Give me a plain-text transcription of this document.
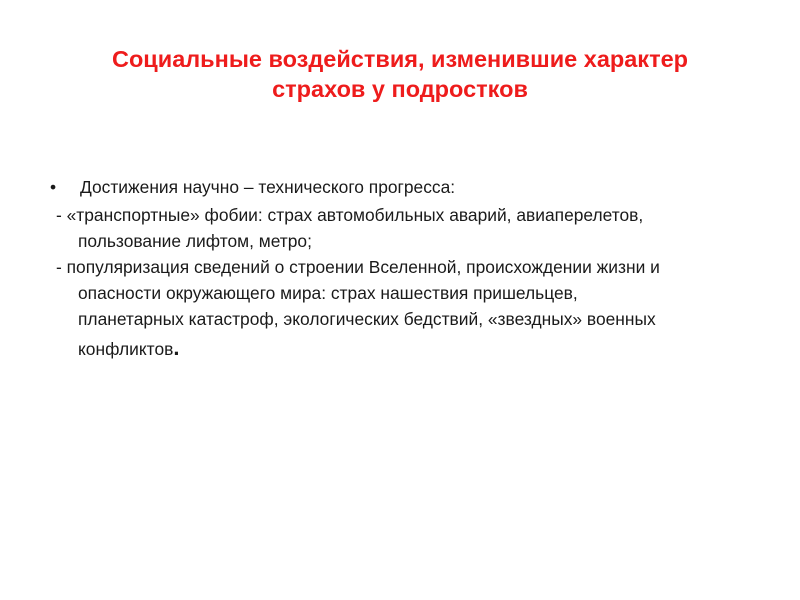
Социальные воздействия, изменившие характер
страхов у подростков
• Достижения научно – технического прогресса:
- «транспортные» фобии: страх автомобильных аварий, авиаперелетов,
пользование лифтом, метро;
- популяризация сведений о строении Вселенной, происхождении жизни и
опасности окружающего мира: страх нашествия пришельцев,
планетарных катастроф, экологических бедствий, «звездных» военных
конфликтов.
